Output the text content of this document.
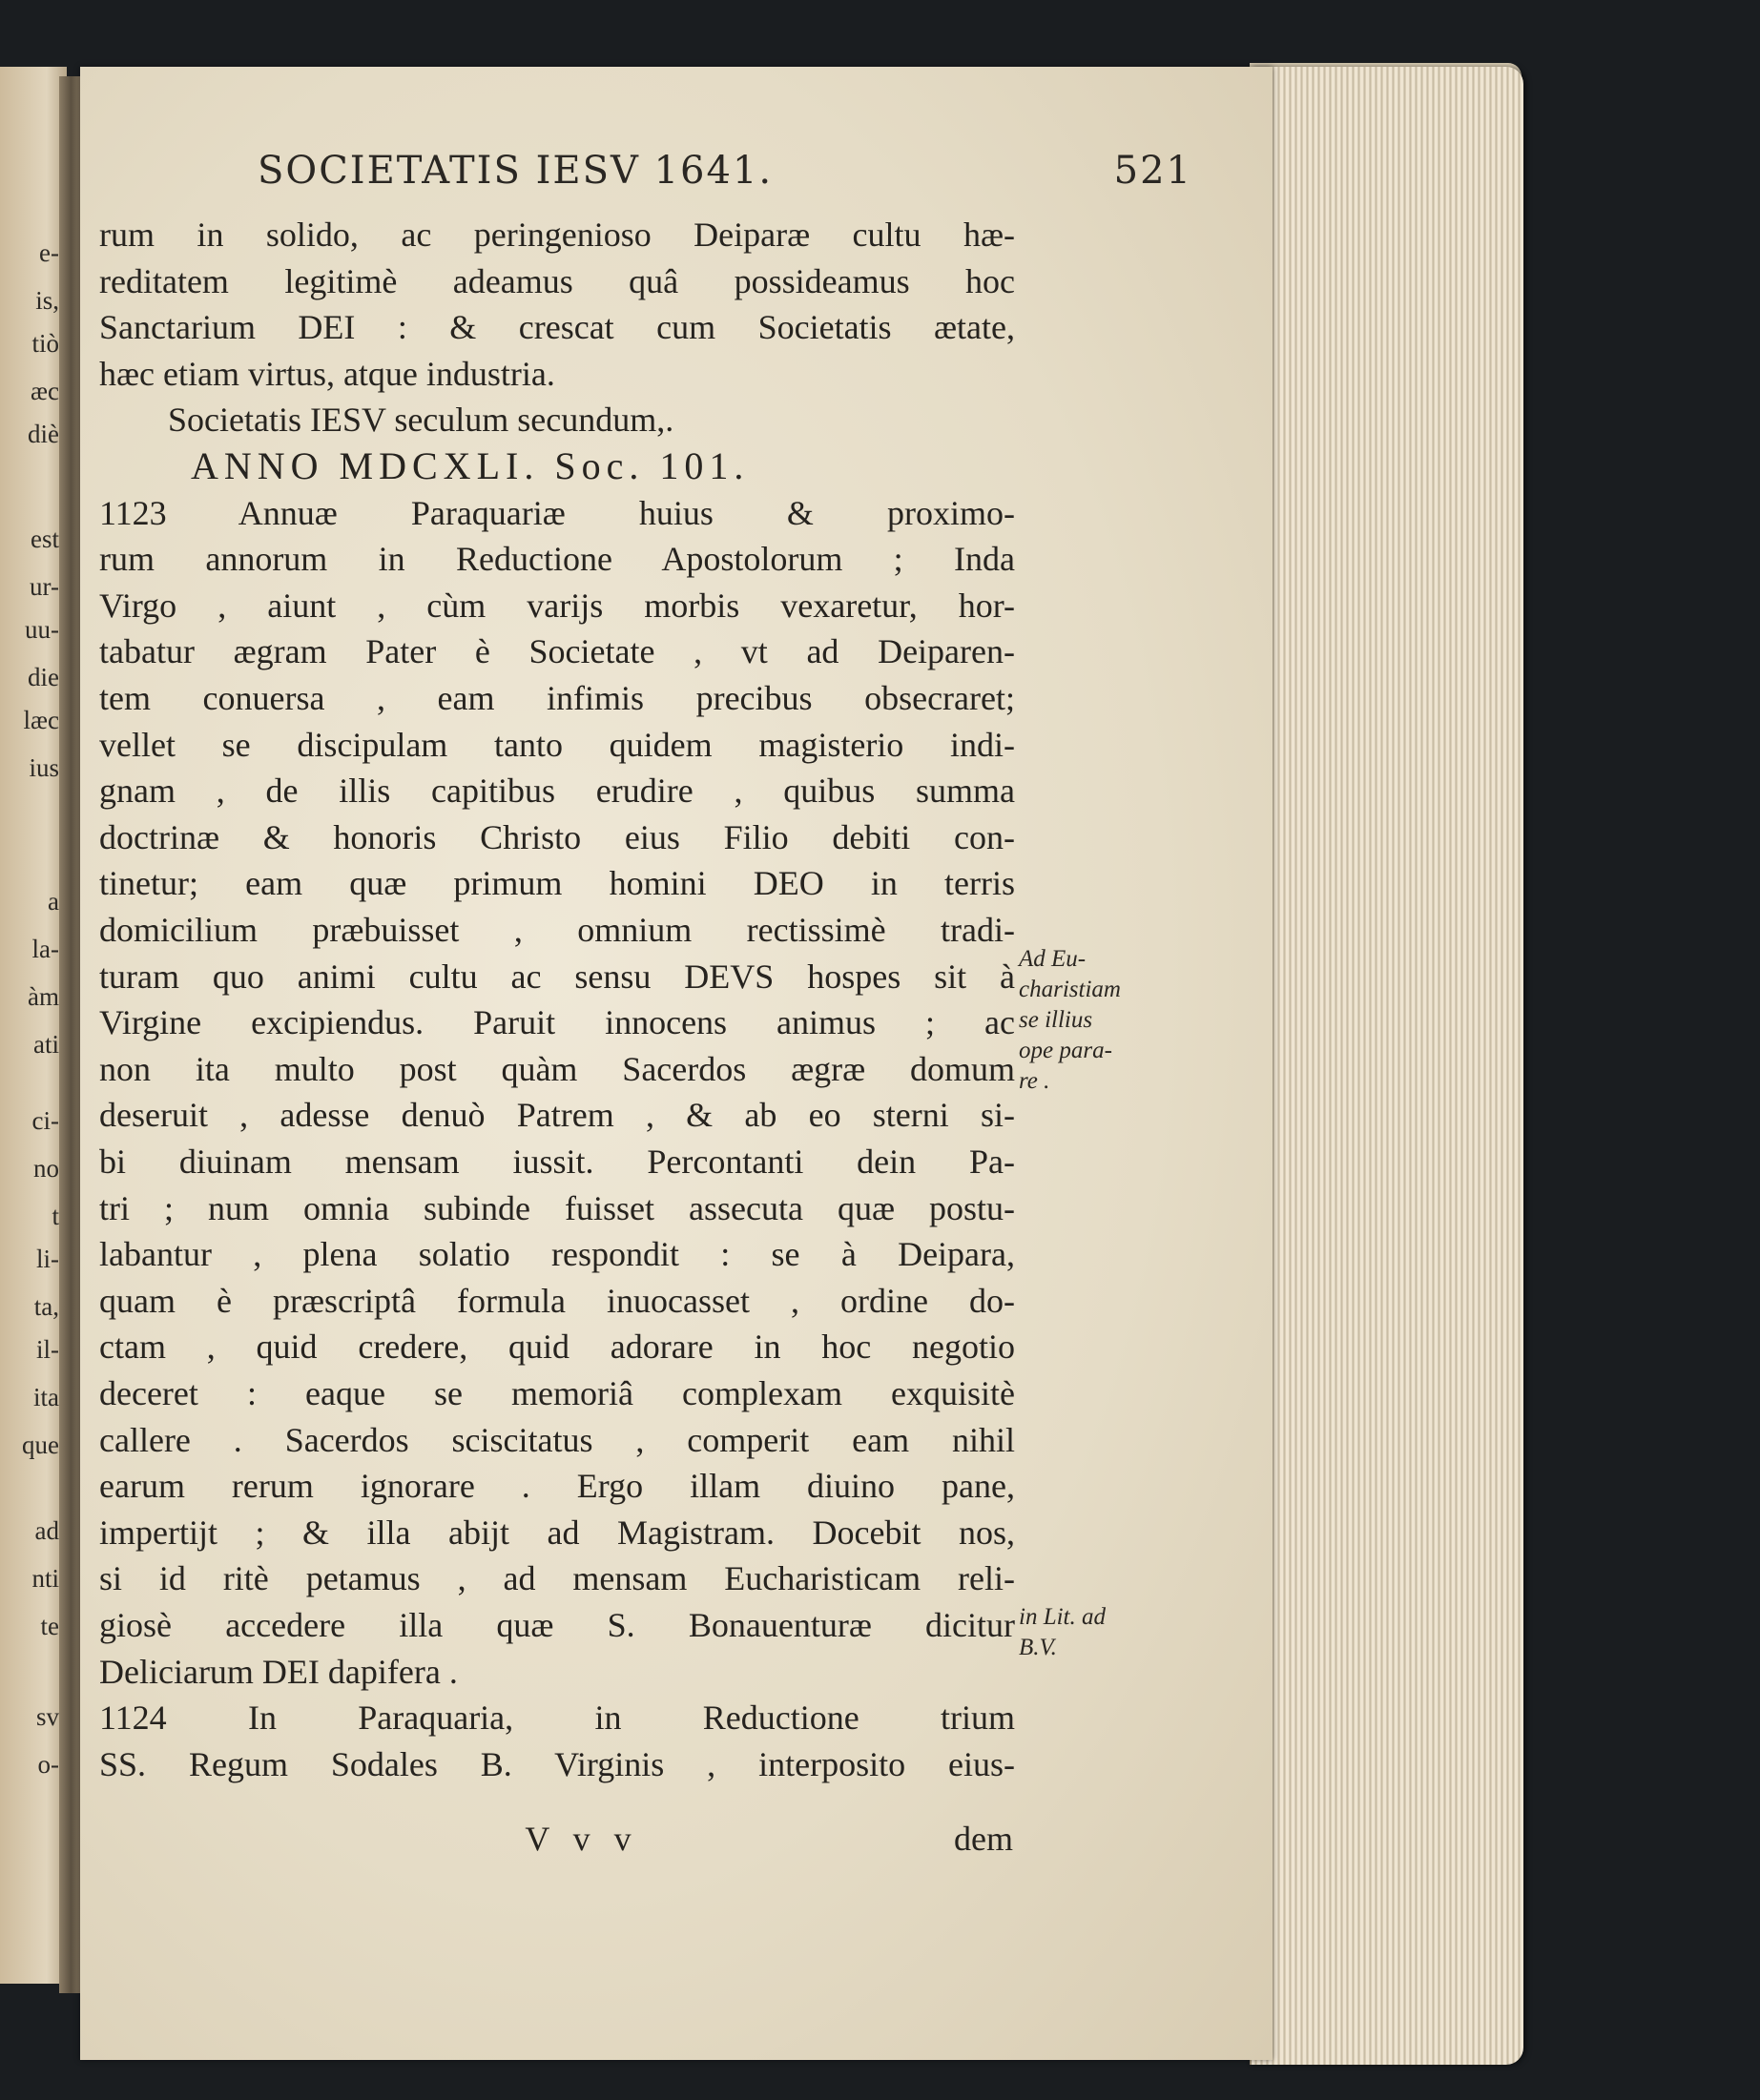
e-
is,
tiò
æc
diè
est
ur-
uu-
die
læc
ius
a
la-
àm
ati
ci-
no
t
li-
ta,
il-
ita
que
ad
nti
te
sv
o-
SOCIETATIS IESV 1641.	521
rum in solido, ac peringenioso Deiparæ cultu hæ-
reditatem legitimè adeamus quâ possideamus hoc
Sanctarium DEI : & crescat cum Societatis ætate,
hæc etiam virtus, atque industria.
Societatis IESV seculum secundum,.
ANNO MDCXLI. Soc. 101.
1123 Annuæ Paraquariæ huius & proximo-
rum annorum in Reductione Apostolorum ; Inda
Virgo , aiunt , cùm varijs morbis vexaretur, hor-
tabatur ægram Pater è Societate , vt ad Deiparen-
tem conuersa , eam infimis precibus obsecraret;
vellet se discipulam tanto quidem magisterio indi-
gnam , de illis capitibus erudire , quibus summa
doctrinæ & honoris Christo eius Filio debiti con-
tinetur; eam quæ primum homini DEO in terris
domicilium præbuisset , omnium rectissimè tradi-
turam quo animi cultu ac sensu DEVS hospes sit à
Virgine excipiendus. Paruit innocens animus ; ac
non ita multo post quàm Sacerdos ægræ domum
deseruit , adesse denuò Patrem , & ab eo sterni si-
bi diuinam mensam iussit. Percontanti dein Pa-
tri ; num omnia subinde fuisset assecuta quæ postu-
labantur , plena solatio respondit : se à Deipara,
quam è præscriptâ formula inuocasset , ordine do-
ctam , quid credere, quid adorare in hoc negotio
deceret : eaque se memoriâ complexam exquisitè
callere . Sacerdos sciscitatus , comperit eam nihil
earum rerum ignorare . Ergo illam diuino pane,
impertijt ; & illa abijt ad Magistram. Docebit nos,
si id ritè petamus , ad mensam Eucharisticam reli-
giosè accedere illa quæ S. Bonauenturæ dicitur
Deliciarum DEI dapifera .
1124 In Paraquaria, in Reductione trium
SS. Regum Sodales B. Virginis , interposito eius-
Ad Eu-
charistiam
se illius
ope para-
re .
in Lit. ad
B.V.
V v v	dem
